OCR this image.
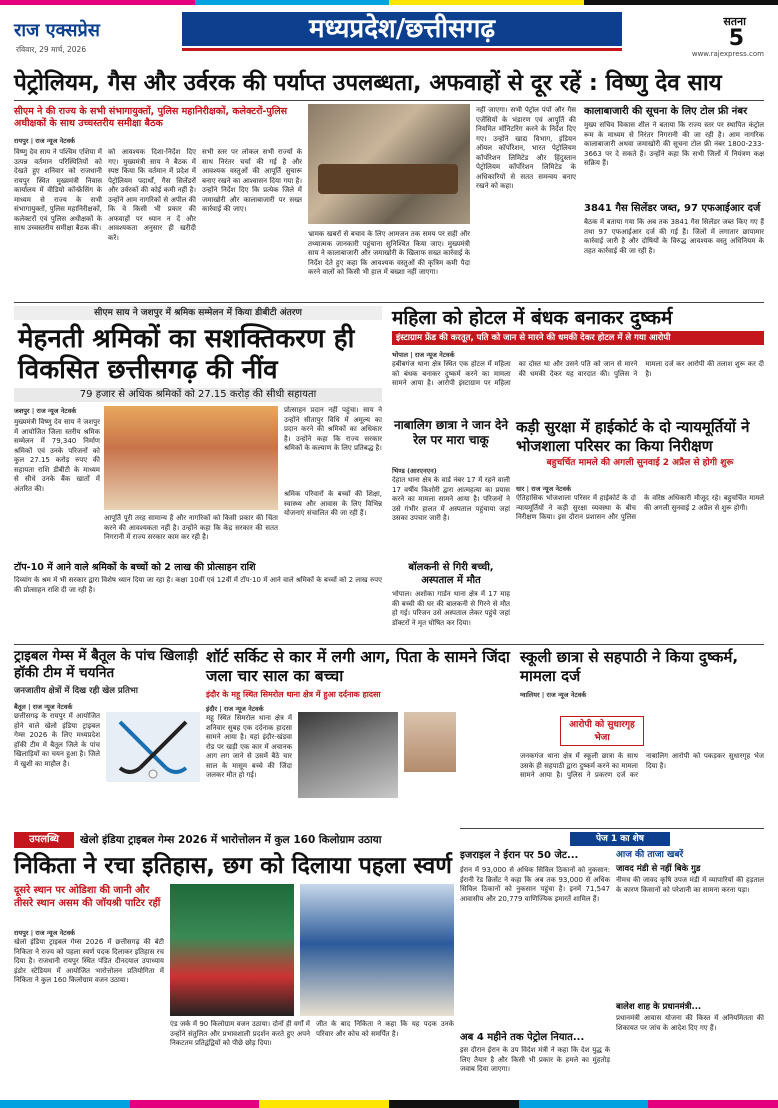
राज एक्सप्रेस
रविवार, 29 मार्च, 2026
मध्यप्रदेश/छत्तीसगढ़	सतना
5
www.rajexpress.com
पेट्रोलियम, गैस और उर्वरक की पर्याप्त उपलब्धता, अफवाहों से दूर रहें : विष्णु देव साय
सीएम ने की राज्य के सभी संभागायुक्तों, पुलिस महानिरीक्षकों, कलेक्टरों-पुलिस अधीक्षकों के साथ उच्चस्तरीय समीक्षा बैठक
रायपुर | राज न्यूज नेटवर्क
विष्णु देव साय ने पश्चिम एशिया में उत्पन्न वर्तमान परिस्थितियों को देखते हुए शनिवार को राजधानी रायपुर स्थित मुख्यमंत्री निवास कार्यालय में वीडियो कॉन्फ्रेंसिंग के माध्यम से राज्य के सभी संभागायुक्तों, पुलिस महानिरीक्षकों, कलेक्टरों एवं पुलिस अधीक्षकों के साथ उच्चस्तरीय समीक्षा बैठक की।
को आवश्यक दिशा-निर्देश दिए गए। मुख्यमंत्री साय ने बैठक में स्पष्ट किया कि वर्तमान में प्रदेश में पेट्रोलियम पदार्थों, गैस सिलेंडरों और उर्वरकों की कोई कमी नहीं है। उन्होंने आम नागरिकों से अपील की कि वे किसी भी प्रकार की अफवाहों पर ध्यान न दें और आवश्यकता अनुसार ही खरीदी करें।
सभी स्तर पर लोकल सभी राज्यों के साथ निरंतर चर्चा की गई है और आवश्यक वस्तुओं की आपूर्ति सुचारू बनाए रखने का आश्वासन दिया गया है। उन्होंने निर्देश दिए कि प्रत्येक जिले में जमाखोरी और कालाबाजारी पर सख्त कार्रवाई की जाए।
भ्रामक खबरों से बचाव के लिए आमजन तक समय पर सही और तथ्यात्मक जानकारी पहुंचाना सुनिश्चित किया जाए। मुख्यमंत्री साय ने कालाबाजारी और जमाखोरी के खिलाफ सख्त कार्रवाई के निर्देश देते हुए कहा कि आवश्यक वस्तुओं की कृत्रिम कमी पैदा करने वालों को किसी भी हाल में बख्शा नहीं जाएगा।
नहीं जाएगा। सभी पेट्रोल पंपों और गैस एजेंसियों के भंडारण एवं आपूर्ति की नियमित मॉनिटरिंग करने के निर्देश दिए गए। उन्होंने खाद्य विभाग, इंडियन ऑयल कॉर्पोरेशन, भारत पेट्रोलियम कॉर्पोरेशन लिमिटेड और हिंदुस्तान पेट्रोलियम कॉर्पोरेशन लिमिटेड के अधिकारियों से सतत समन्वय बनाए रखने को कहा।
कालाबाजारी की सूचना के लिए टोल फ्री नंबर
मुख्य सचिव विकास शील ने बताया कि राज्य स्तर पर स्थापित कंट्रोल रूम के माध्यम से निरंतर निगरानी की जा रही है। आम नागरिक कालाबाजारी अथवा जमाखोरी की सूचना टोल फ्री नंबर 1800-233-3663 पर दे सकते हैं। उन्होंने कहा कि सभी जिलों में नियंत्रण कक्ष सक्रिय हैं।
3841 गैस सिलेंडर जब्त, 97 एफआईआर दर्ज
बैठक में बताया गया कि अब तक 3841 गैस सिलेंडर जब्त किए गए हैं तथा 97 एफआईआर दर्ज की गई हैं। जिलों में लगातार छापामार कार्रवाई जारी है और दोषियों के विरुद्ध आवश्यक वस्तु अधिनियम के तहत कार्रवाई की जा रही है।
सीएम साय ने जशपुर में श्रमिक सम्मेलन में किया डीबीटी अंतरण
मेहनती श्रमिकों का सशक्तिकरण ही विकसित छत्तीसगढ़ की नींव
79 हजार से अधिक श्रमिकों को 27.15 करोड़ की सीधी सहायता
जशपुर | राज न्यूज नेटवर्क
मुख्यमंत्री विष्णु देव साय ने जशपुर में आयोजित जिला स्तरीय श्रमिक सम्मेलन में 79,340 निर्माण श्रमिकों एवं उनके परिजनों को कुल 27.15 करोड़ रुपए की सहायता राशि डीबीटी के माध्यम से सीधे उनके बैंक खातों में अंतरित की।
आपूर्ति पूरी तरह सामान्य है और नागरिकों को किसी प्रकार की चिंता करने की आवश्यकता नहीं है। उन्होंने कहा कि केंद्र सरकार की सतत निगरानी में राज्य सरकार काम कर रही है।
प्रोत्साहन प्रदान नहीं पहुंचा। साय ने उन्होंने सीतापुर विधि में अमूल्य का प्रदान करने की श्रमिकों का अधिकार है। उन्होंने कहा कि राज्य सरकार श्रमिकों के कल्याण के लिए प्रतिबद्ध है।
श्रमिक परिवारों के बच्चों की शिक्षा, स्वास्थ्य और आवास के लिए विभिन्न योजनाएं संचालित की जा रही हैं।
टॉप-10 में आने वाले श्रमिकों के बच्चों को 2 लाख की प्रोत्साहन राशि
दिव्यांग के श्रम में भी सरकार द्वारा विशेष ध्यान दिया जा रहा है। कक्षा 10वीं एवं 12वीं में टॉप-10 में आने वाले श्रमिकों के बच्चों को 2 लाख रुपए की प्रोत्साहन राशि दी जा रही है।
महिला को होटल में बंधक बनाकर दुष्कर्म
इंस्टाग्राम फ्रेंड की करतूत, पति को जान से मारने की धमकी देकर होटल में ले गया आरोपी
भोपाल | राज न्यूज नेटवर्क
हबीबगंज थाना क्षेत्र स्थित एक होटल में महिला को बंधक बनाकर दुष्कर्म करने का मामला सामने आया है। आरोपी इंस्टाग्राम पर महिला का दोस्त था और उसने पति को जान से मारने की धमकी देकर यह वारदात की। पुलिस ने मामला दर्ज कर आरोपी की तलाश शुरू कर दी है।
नाबालिग छात्रा ने जान देने रेल पर मारा चाकू
भिण्ड (आरएनएन)
देहात थाना क्षेत्र के वार्ड नंबर 17 में रहने वाली 17 वर्षीय किशोरी द्वारा आत्महत्या का प्रयास करने का मामला सामने आया है। परिजनों ने उसे गंभीर हालत में अस्पताल पहुंचाया जहां उसका उपचार जारी है।
कड़ी सुरक्षा में हाईकोर्ट के दो न्यायमूर्तियों ने भोजशाला परिसर का किया निरीक्षण
बहुचर्चित मामले की अगली सुनवाई 2 अप्रैल से होगी शुरू
धार | राज न्यूज नेटवर्क
ऐतिहासिक भोजशाला परिसर में हाईकोर्ट के दो न्यायमूर्तियों ने कड़ी सुरक्षा व्यवस्था के बीच निरीक्षण किया। इस दौरान प्रशासन और पुलिस के वरिष्ठ अधिकारी मौजूद रहे। बहुचर्चित मामले की अगली सुनवाई 2 अप्रैल से शुरू होगी।
बॉलकनी से गिरी बच्ची, अस्पताल में मौत
भोपाल। अशोका गार्डन थाना क्षेत्र में 17 माह की बच्ची की घर की बालकनी से गिरने से मौत हो गई। परिजन उसे अस्पताल लेकर पहुंचे जहां डॉक्टरों ने मृत घोषित कर दिया।
ट्राइबल गेम्स में बैतूल के पांच खिलाड़ी हॉकी टीम में चयनित
जनजातीय क्षेत्रों में दिख रही खेल प्रतिभा
बैतूल | राज न्यूज नेटवर्क
छत्तीसगढ़ के रायपुर में आयोजित होने वाले खेलो इंडिया ट्राइबल गेम्स 2026 के लिए मध्यप्रदेश हॉकी टीम में बैतूल जिले के पांच खिलाड़ियों का चयन हुआ है। जिले में खुशी का माहौल है।
शॉर्ट सर्किट से कार में लगी आग, पिता के सामने जिंदा जला चार साल का बच्चा
इंदौर के महू स्थित सिमरोल थाना क्षेत्र में हुआ दर्दनाक हादसा
इंदौर | राज न्यूज नेटवर्क
महू स्थित सिमरोल थाना क्षेत्र में शनिवार सुबह एक दर्दनाक हादसा सामने आया है। यहां इंदौर-खंडवा रोड पर खड़ी एक कार में अचानक आग लग जाने से उसमें बैठे चार साल के मासूम बच्चे की जिंदा जलकर मौत हो गई।
स्कूली छात्रा से सहपाठी ने किया दुष्कर्म, मामला दर्ज
ग्वालियर | राज न्यूज नेटवर्क
आरोपी को सुधारगृह भेजा
जनकगंज थाना क्षेत्र में स्कूली छात्रा के साथ उसके ही सहपाठी द्वारा दुष्कर्म करने का मामला सामने आया है। पुलिस ने प्रकरण दर्ज कर नाबालिग आरोपी को पकड़कर सुधारगृह भेज दिया है।
पेज 1 का शेष
इजराइल ने ईरान पर 50 जेट...
ईरान में 93,000 से अधिक सिविल ठिकानों को नुकसान: ईरानी रेड क्रिसेंट ने कहा कि अब तक 93,000 से अधिक सिविल ठिकानों को नुकसान पहुंचा है। इनमें 71,547 आवासीय और 20,779 वाणिज्यिक इमारतें शामिल हैं।
अब 4 महीने तक पेट्रोल नियात...
इस दौरान ईरान के उप विदेश मंत्री ने कहा कि देश युद्ध के लिए तैयार है और किसी भी प्रकार के हमले का मुंहतोड़ जवाब दिया जाएगा।
आज की ताजा खबरें
जावद मंडी से नहीं बिके गुड
नीमच की जावद कृषि उपज मंडी में व्यापारियों की हड़ताल के कारण किसानों को परेशानी का सामना करना पड़ा।
बालेश शाह के प्रधानमंत्री...
प्रधानमंत्री आवास योजना की किस्त में अनियमितता की शिकायत पर जांच के आदेश दिए गए हैं।
उपलब्धि	खेलो इंडिया ट्राइबल गेम्स 2026 में भारोत्तोलन में कुल 160 किलोग्राम उठाया
निकिता ने रचा इतिहास, छग को दिलाया पहला स्वर्ण
दूसरे स्थान पर ओडिशा की जानी और तीसरे स्थान असम की जॉयश्री पाटिर रहीं
रायपुर | राज न्यूज नेटवर्क
खेलो इंडिया ट्राइबल गेम्स 2026 में छत्तीसगढ़ की बेटी निकिता ने राज्य को पहला स्वर्ण पदक दिलाकर इतिहास रच दिया है। राजधानी रायपुर स्थित पंडित दीनदयाल उपाध्याय इंडोर स्टेडियम में आयोजित भारोत्तोलन प्रतियोगिता में निकिता ने कुल 160 किलोग्राम वजन उठाया।
एंड जर्क में 90 किलोग्राम वजन उठाया। दोनों ही वर्गों में उन्होंने संतुलित और प्रभावशाली प्रदर्शन करते हुए अपने निकटतम प्रतिद्वंद्वियों को पीछे छोड़ दिया।
जीत के बाद निकिता ने कहा कि यह पदक उनके परिवार और कोच को समर्पित है।
